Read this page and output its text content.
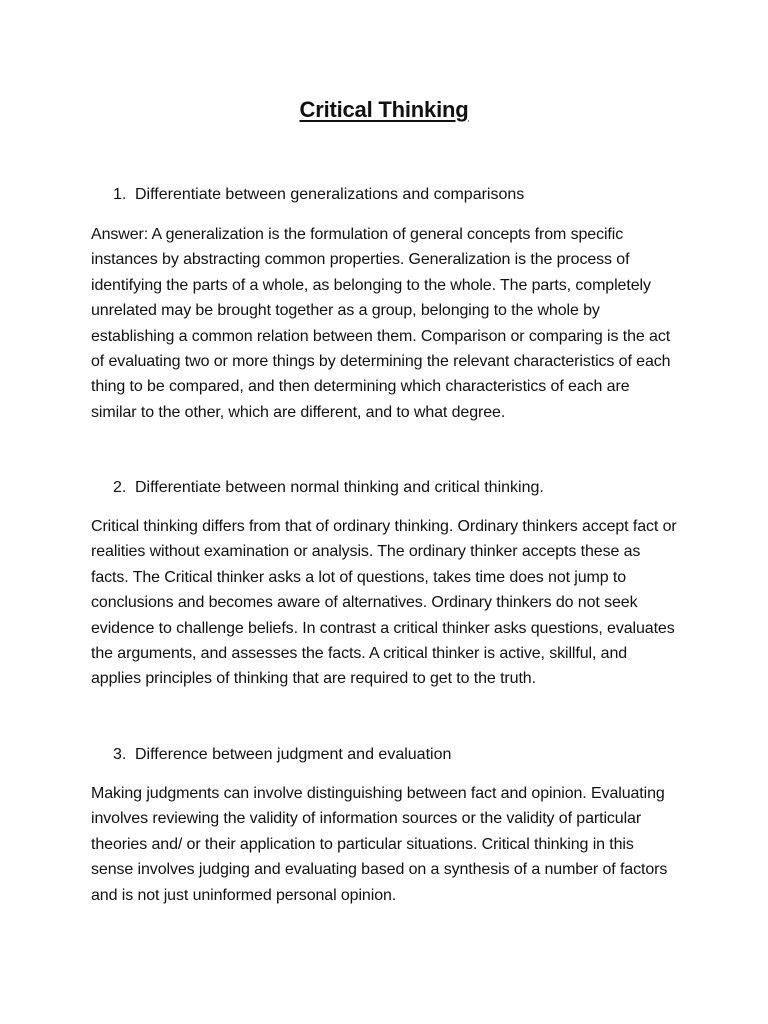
Critical Thinking
1. Differentiate between generalizations and comparisons

Answer: A generalization is the formulation of general concepts from specific instances by abstracting common properties. Generalization is the process of identifying the parts of a whole, as belonging to the whole. The parts, completely unrelated may be brought together as a group, belonging to the whole by establishing a common relation between them. Comparison or comparing is the act of evaluating two or more things by determining the relevant characteristics of each thing to be compared, and then determining which characteristics of each are similar to the other, which are different, and to what degree.

2. Differentiate between normal thinking and critical thinking.

Critical thinking differs from that of ordinary thinking. Ordinary thinkers accept fact or realities without examination or analysis. The ordinary thinker accepts these as facts. The Critical thinker asks a lot of questions, takes time does not jump to conclusions and becomes aware of alternatives. Ordinary thinkers do not seek evidence to challenge beliefs. In contrast a critical thinker asks questions, evaluates the arguments, and assesses the facts. A critical thinker is active, skillful, and applies principles of thinking that are required to get to the truth.

3. Difference between judgment and evaluation

Making judgments can involve distinguishing between fact and opinion. Evaluating involves reviewing the validity of information sources or the validity of particular theories and/ or their application to particular situations. Critical thinking in this sense involves judging and evaluating based on a synthesis of a number of factors and is not just uninformed personal opinion.
